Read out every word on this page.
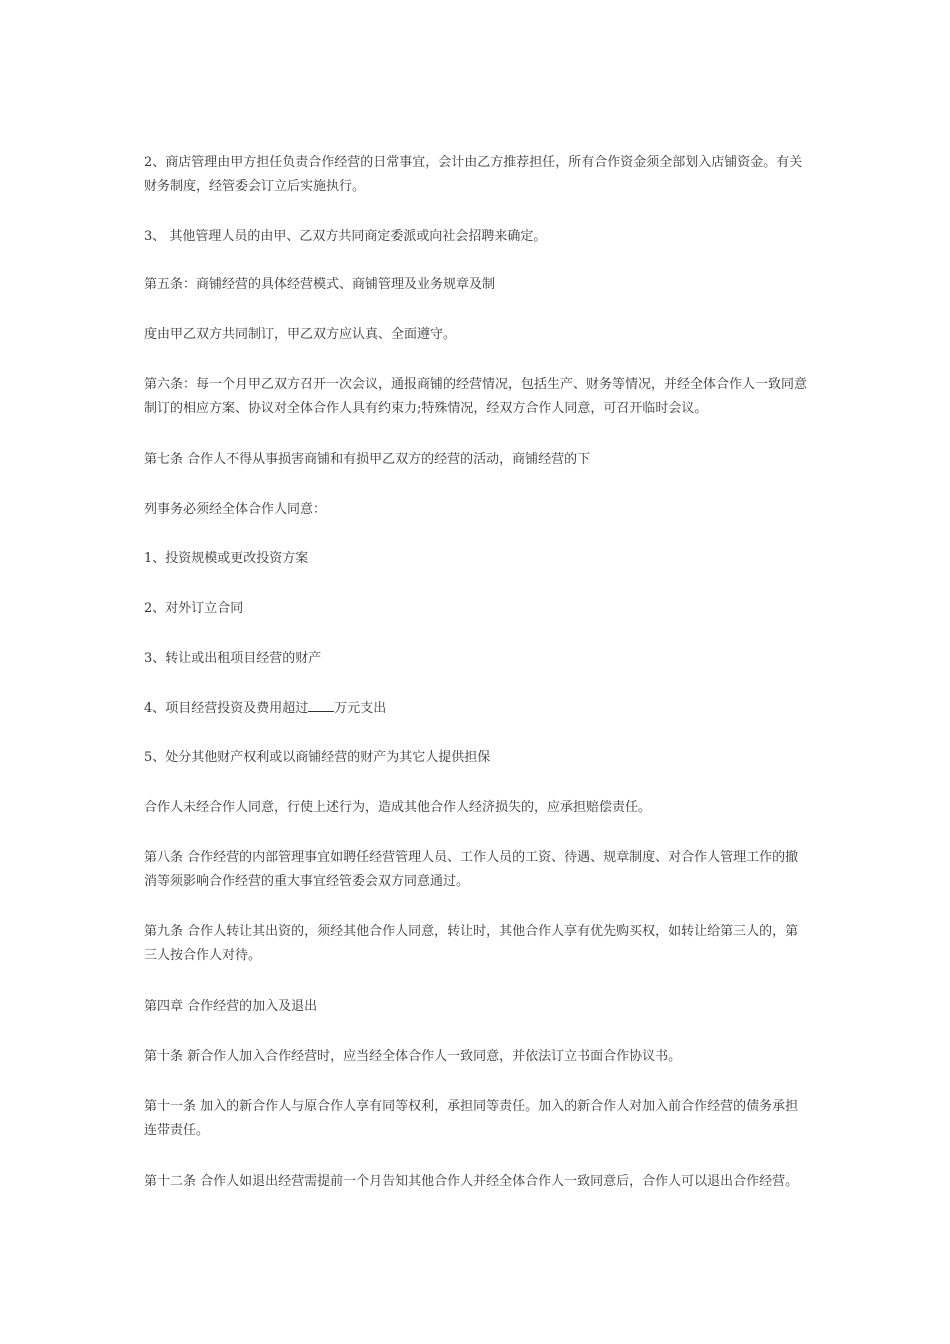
2、商店管理由甲方担任负责合作经营的日常事宜，会计由乙方推荐担任，所有合作资金须全部划入店铺资金。有关财务制度，经管委会订立后实施执行。

3、 其他管理人员的由甲、乙双方共同商定委派或向社会招聘来确定。

第五条：商铺经营的具体经营模式、商铺管理及业务规章及制

度由甲乙双方共同制订，甲乙双方应认真、全面遵守。

第六条：每一个月甲乙双方召开一次会议，通报商铺的经营情况，包括生产、财务等情况，并经全体合作人一致同意制订的相应方案、协议对全体合作人具有约束力;特殊情况，经双方合作人同意，可召开临时会议。

第七条 合作人不得从事损害商铺和有损甲乙双方的经营的活动，商铺经营的下

列事务必须经全体合作人同意：

1、投资规模或更改投资方案

2、对外订立合同

3、转让或出租项目经营的财产

4、项目经营投资及费用超过 万元支出

5、处分其他财产权利或以商铺经营的财产为其它人提供担保

合作人未经合作人同意，行使上述行为，造成其他合作人经济损失的，应承担赔偿责任。

第八条 合作经营的内部管理事宜如聘任经营管理人员、工作人员的工资、待遇、规章制度、对合作人管理工作的撤消等须影响合作经营的重大事宜经管委会双方同意通过。

第九条 合作人转让其出资的，须经其他合作人同意，转让时，其他合作人享有优先购买权，如转让给第三人的，第三人按合作人对待。

第四章 合作经营的加入及退出

第十条 新合作人加入合作经营时，应当经全体合作人一致同意，并依法订立书面合作协议书。

第十一条 加入的新合作人与原合作人享有同等权利，承担同等责任。加入的新合作人对加入前合作经营的债务承担连带责任。

第十二条 合作人如退出经营需提前一个月告知其他合作人并经全体合作人一致同意后，合作人可以退出合作经营。
